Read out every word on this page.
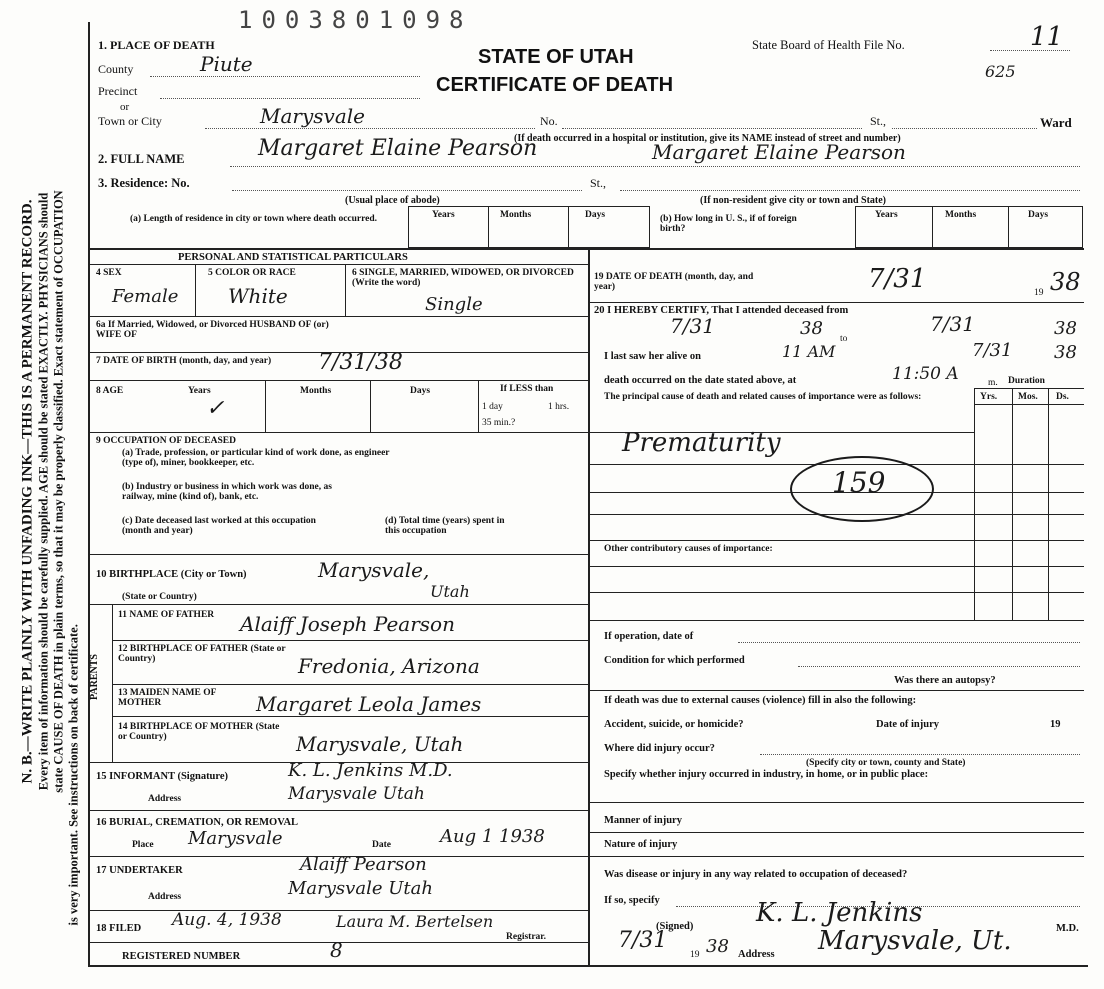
N. B.—WRITE PLAINLY WITH UNFADING INK—THIS IS A PERMANENT RECORD. Every item of information should be carefully supplied. AGE should be stated EXACTLY. PHYSICIANS should state CAUSE OF DEATH in plain terms, so that it may be properly classified. Exact statement of OCCUPATION is very important. See instructions on back of certificate.
1003801098
1. PLACE OF DEATH
STATE OF UTAH
CERTIFICATE OF DEATH
State Board of Health File No.	11
625
County	Piute
Precinct
or
Town or City	Marysvale	No.	St.,	Ward
(If death occurred in a hospital or institution, give its NAME instead of street and number)
2. FULL NAME	Margaret Elaine Pearson	Margaret Elaine Pearson
3. Residence: No.	St.,
(Usual place of abode)	(If non-resident give city or town and State)
(a) Length of residence in city or town where death occurred.	Years	Months	Days	(b) How long in U. S., if of foreign birth?
Years	Months	Days
PERSONAL AND STATISTICAL PARTICULARS
4 SEX
Female
5 COLOR OR RACE
White
6 SINGLE, MARRIED, WIDOWED, OR DIVORCED (Write the word)
Single
6a If Married, Widowed, or Divorced HUSBAND OF (or) WIFE OF
7 DATE OF BIRTH (month, day, and year) 7/31/38
8 AGE	Years
✓
Months	Days	If LESS than
1 day	1 hrs.
35 min.?
9 OCCUPATION OF DECEASED
(a) Trade, profession, or particular kind of work done, as engineer (type of), miner, bookkeeper, etc.
(b) Industry or business in which work was done, as railway, mine (kind of), bank, etc.
(c) Date deceased last worked at this occupation (month and year)
(d) Total time (years) spent in this occupation
10 BIRTHPLACE (City or Town)	Marysvale,
(State or Country)	Utah
PARENTS
11 NAME OF FATHER	Alaiff Joseph Pearson
12 BIRTHPLACE OF FATHER (State or Country)	Fredonia, Arizona
13 MAIDEN NAME OF MOTHER	Margaret Leola James
14 BIRTHPLACE OF MOTHER (State or Country)	Marysvale, Utah
15 INFORMANT (Signature)	K. L. Jenkins M.D.
Address	Marysvale Utah
16 BURIAL, CREMATION, OR REMOVAL
Place Marysvale	Date	Aug 1 1938
17 UNDERTAKER	Alaiff Pearson
Address	Marysvale Utah
18 FILED Aug. 4, 1938	Laura M. Bertelsen
Registrar.
REGISTERED NUMBER	8
19 DATE OF DEATH (month, day, and year)	7/31	19 38
20 I HEREBY CERTIFY, That I attended deceased from
7/31	38 to
7/31	38
I last saw her alive on	11 AM	7/31 38
death occurred on the date stated above, at	11:50 A	m. Duration
The principal cause of death and related causes of importance were as follows:	Yrs. Mos. Ds.
Prematurity
159
Other contributory causes of importance:
If operation, date of
Condition for which performed
Was there an autopsy?
If death was due to external causes (violence) fill in also the following:
Accident, suicide, or homicide?	Date of injury	19
Where did injury occur?
(Specify city or town, county and State)
Specify whether injury occurred in industry, in home, or in public place:
Manner of injury
Nature of injury
Was disease or injury in any way related to occupation of deceased?
If so, specify
(Signed) K. L. Jenkins
M.D.
7/31
19 38 Address Marysvale, Ut.
